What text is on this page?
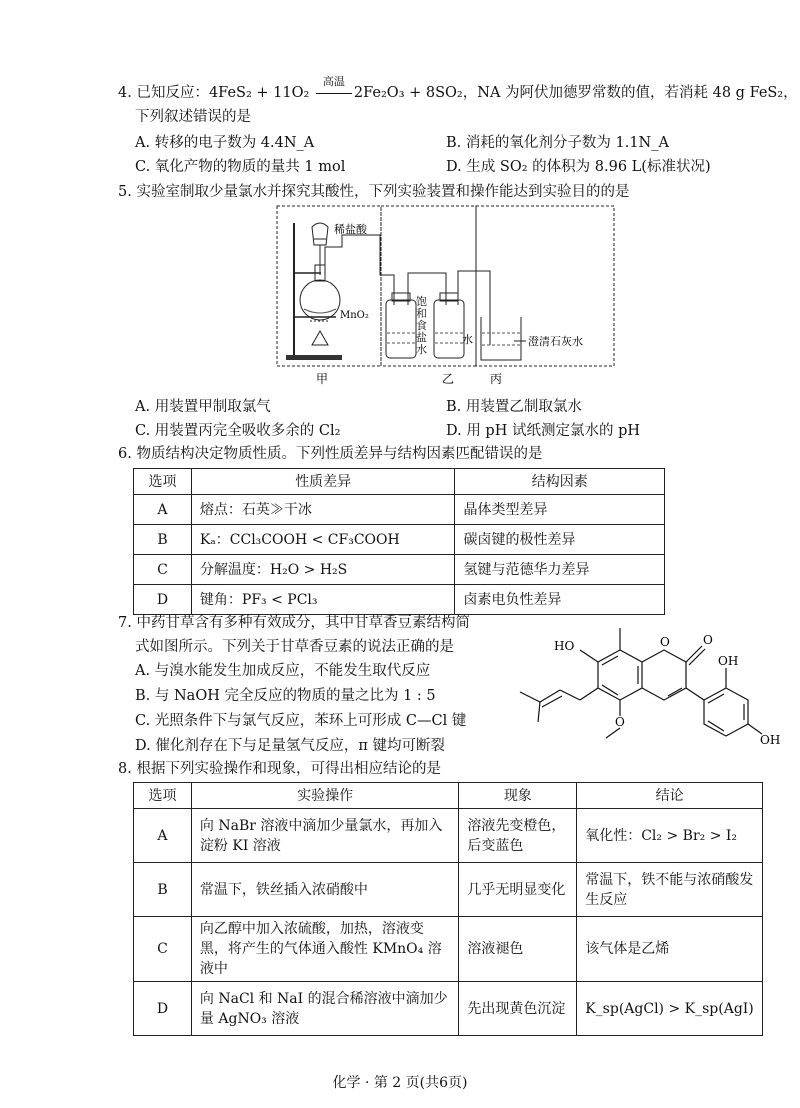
4. 已知反应：4FeS₂ + 11O₂
高温
2Fe₂O₃ + 8SO₂，NA 为阿伏加德罗常数的值，若消耗 48 g FeS₂，
下列叙述错误的是
A. 转移的电子数为 4.4N_A	B. 消耗的氧化剂分子数为 1.1N_A
C. 氧化产物的物质的量共 1 mol	D. 生成 SO₂ 的体积为 8.96 L(标准状况)
5. 实验室制取少量氯水并探究其酸性，下列实验装置和操作能达到实验目的的是
稀盐酸
MnO₂
水	澄清石灰水
甲	乙	丙
饱和食盐水
A. 用装置甲制取氯气	B. 用装置乙制取氯水
C. 用装置丙完全吸收多余的 Cl₂	D. 用 pH 试纸测定氯水的 pH
6. 物质结构决定物质性质。下列性质差异与结构因素匹配错误的是
选项	性质差异	结构因素
A	熔点：石英≫干冰	晶体类型差异
B	Kₐ：CCl₃COOH < CF₃COOH	碳卤键的极性差异
C	分解温度：H₂O > H₂S	氢键与范德华力差异
D	键角：PF₃ < PCl₃	卤素电负性差异
7. 中药甘草含有多种有效成分，其中甘草香豆素结构简
式如图所示。下列关于甘草香豆素的说法正确的是
A. 与溴水能发生加成反应，不能发生取代反应
B. 与 NaOH 完全反应的物质的量之比为 1 : 5
C. 光照条件下与氯气反应，苯环上可形成 C—Cl 键
D. 催化剂存在下与足量氢气反应，π 键均可断裂
HO	O	O
OH
OH
O
8. 根据下列实验操作和现象，可得出相应结论的是
选项	实验操作	现象	结论
A	向 NaBr 溶液中滴加少量氯水，再加入淀粉 KI 溶液	溶液先变橙色，后变蓝色	氧化性：Cl₂ > Br₂ > I₂
B	常温下，铁丝插入浓硝酸中	几乎无明显变化	常温下，铁不能与浓硝酸发生反应
C	向乙醇中加入浓硫酸，加热，溶液变黑，将产生的气体通入酸性 KMnO₄ 溶液中	溶液褪色	该气体是乙烯
D	向 NaCl 和 NaI 的混合稀溶液中滴加少量 AgNO₃ 溶液	先出现黄色沉淀	K_sp(AgCl) > K_sp(AgI)
化学 · 第 2 页(共6页)
